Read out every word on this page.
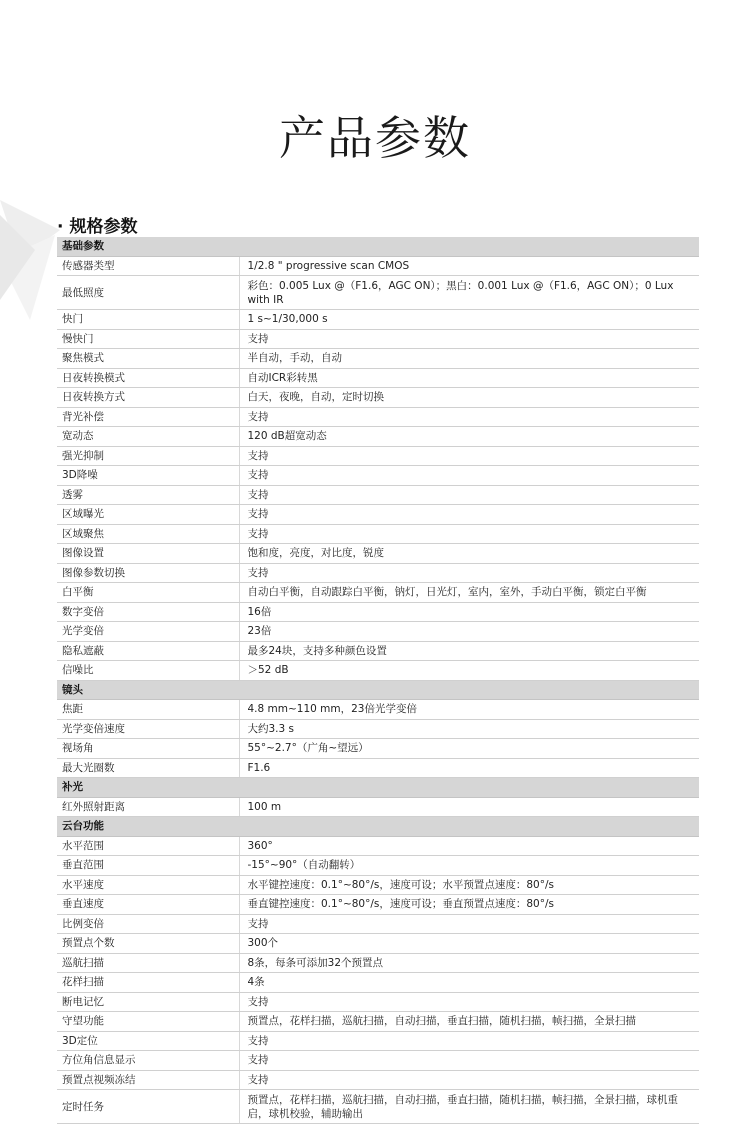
产品参数
· 规格参数
基础参数	
传感器类型	1/2.8 " progressive scan CMOS
最低照度	彩色：0.005 Lux @（F1.6，AGC ON）；黑白：0.001 Lux @（F1.6，AGC ON）；0 Lux with IR
快门	1 s~1/30,000 s
慢快门	支持
聚焦模式	半自动，手动，自动
日夜转换模式	自动ICR彩转黑
日夜转换方式	白天，夜晚，自动，定时切换
背光补偿	支持
宽动态	120 dB超宽动态
强光抑制	支持
3D降噪	支持
透雾	支持
区域曝光	支持
区域聚焦	支持
图像设置	饱和度，亮度，对比度，锐度
图像参数切换	支持
白平衡	自动白平衡，自动跟踪白平衡，钠灯，日光灯，室内，室外，手动白平衡，锁定白平衡
数字变倍	16倍
光学变倍	23倍
隐私遮蔽	最多24块，支持多种颜色设置
信噪比	＞52 dB
镜头	
焦距	4.8 mm~110 mm，23倍光学变倍
光学变倍速度	大约3.3 s
视场角	55°~2.7°（广角~望远）
最大光圈数	F1.6
补光	
红外照射距离	100 m
云台功能	
水平范围	360°
垂直范围	-15°~90°（自动翻转）
水平速度	水平键控速度：0.1°~80°/s，速度可设；水平预置点速度：80°/s
垂直速度	垂直键控速度：0.1°~80°/s，速度可设；垂直预置点速度：80°/s
比例变倍	支持
预置点个数	300个
巡航扫描	8条，每条可添加32个预置点
花样扫描	4条
断电记忆	支持
守望功能	预置点，花样扫描，巡航扫描，自动扫描，垂直扫描，随机扫描，帧扫描，全景扫描
3D定位	支持
方位角信息显示	支持
预置点视频冻结	支持
定时任务	预置点，花样扫描，巡航扫描，自动扫描，垂直扫描，随机扫描，帧扫描，全景扫描，球机重启，球机校验，辅助输出
